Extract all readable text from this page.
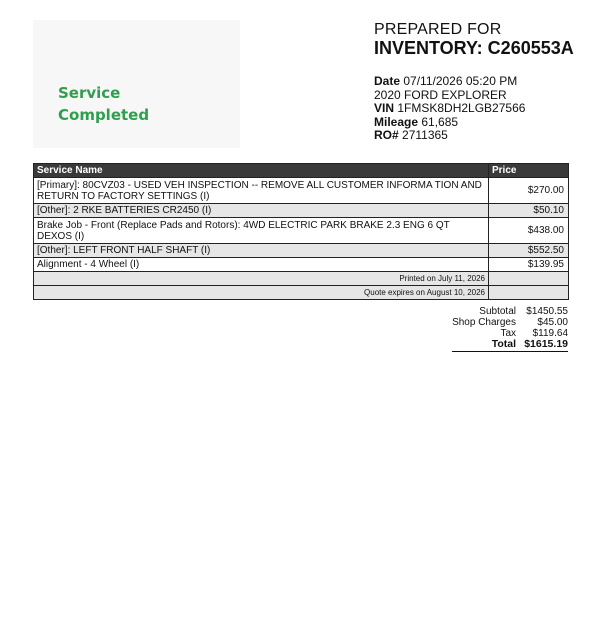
Service
Completed
PREPARED FOR
INVENTORY: C260553A
Date 07/11/2026 05:20 PM
2020 FORD EXPLORER
VIN 1FMSK8DH2LGB27566
Mileage 61,685
RO# 2711365
Service Name	Price
[Primary]: 80CVZ03 - USED VEH INSPECTION -- REMOVE ALL CUSTOMER INFORMA TION AND RETURN TO FACTORY SETTINGS (I)	$270.00
[Other]: 2 RKE BATTERIES CR2450 (I)	$50.10
Brake Job - Front (Replace Pads and Rotors): 4WD ELECTRIC PARK BRAKE 2.3 ENG 6 QT DEXOS (I)	$438.00
[Other]: LEFT FRONT HALF SHAFT (I)	$552.50
Alignment - 4 Wheel (I)	$139.95
Printed on July 11, 2026	
Quote expires on August 10, 2026	
Subtotal	$1450.55
Shop Charges	$45.00
Tax	$119.64
Total $1615.19
